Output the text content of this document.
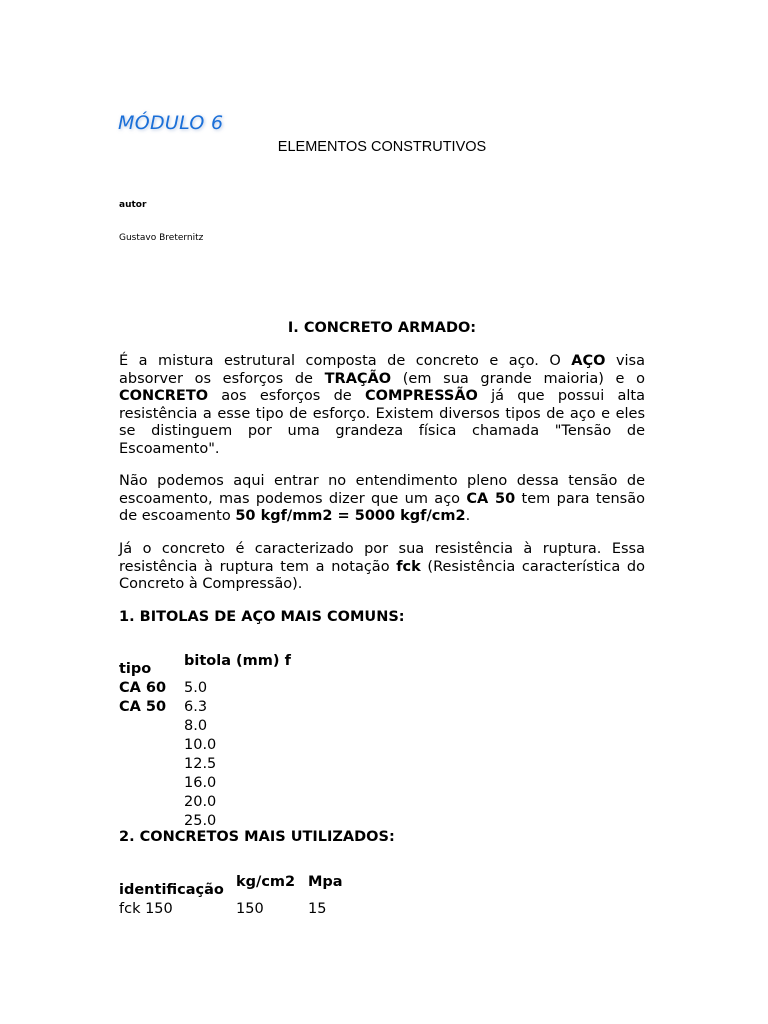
MÓDULO 6
ELEMENTOS CONSTRUTIVOS
autor
Gustavo Breternitz
I. CONCRETO ARMADO:
É a mistura estrutural composta de concreto e aço. O AÇO visa absorver os esforços de TRAÇÃO (em sua grande maioria) e o CONCRETO aos esforços de COMPRESSÃO já que possui alta resistência a esse tipo de esforço. Existem diversos tipos de aço e eles se distinguem por uma grandeza física chamada "Tensão de Escoamento".
Não podemos aqui entrar no entendimento pleno dessa tensão de escoamento, mas podemos dizer que um aço CA 50 tem para tensão de escoamento 50 kgf/mm2 = 5000 kgf/cm2.
Já o concreto é caracterizado por sua resistência à ruptura. Essa resistência à ruptura tem a notação fck (Resistência característica do Concreto à Compressão).
1. BITOLAS DE AÇO MAIS COMUNS:
tipo bitola (mm) f
CA 60
CA 50
5.0
6.3
8.0
10.0
12.5
16.0
20.0
25.0
2. CONCRETOS MAIS UTILIZADOS:
identificação kg/cm2 Mpa
fck 150	150	15
